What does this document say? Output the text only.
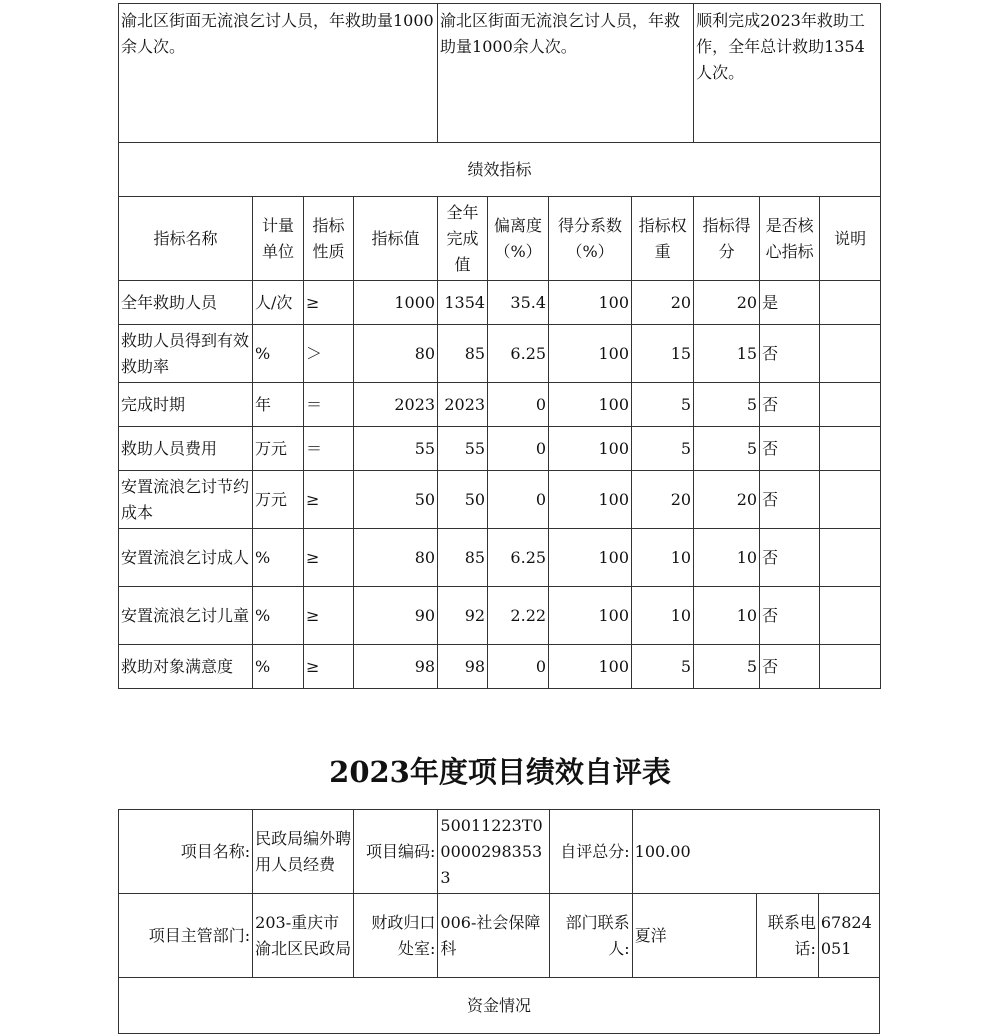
渝北区街面无流浪乞讨人员，年救助量1000余人次。				渝北区街面无流浪乞讨人员，年救助量1000余人次。				顺利完成2023年救助工作，全年总计救助1354人次。		
绩效指标										
指标名称	计量单位	指标性质	指标值	全年完成值	偏离度（%）	得分系数（%）	指标权重	指标得分	是否核心指标	说明
全年救助人员	人/次	≥	1000	1354	35.4	100	20	20	是	
救助人员得到有效救助率	%	＞	80	85	6.25	100	15	15	否	
完成时期	年	＝	2023	2023	0	100	5	5	否	
救助人员费用	万元	＝	55	55	0	100	5	5	否	
安置流浪乞讨节约成本	万元	≥	50	50	0	100	20	20	否	
安置流浪乞讨成人	%	≥	80	85	6.25	100	10	10	否	
安置流浪乞讨儿童	%	≥	90	92	2.22	100	10	10	否	
救助对象满意度	%	≥	98	98	0	100	5	5	否	
2023年度项目绩效自评表
项目名称:	民政局编外聘用人员经费	项目编码:	50011223T000002983533	自评总分:	100.00		
项目主管部门:	203-重庆市渝北区民政局	财政归口处室:	006-社会保障科	部门联系人:	夏洋	联系电话:	67824051
资金情况							
